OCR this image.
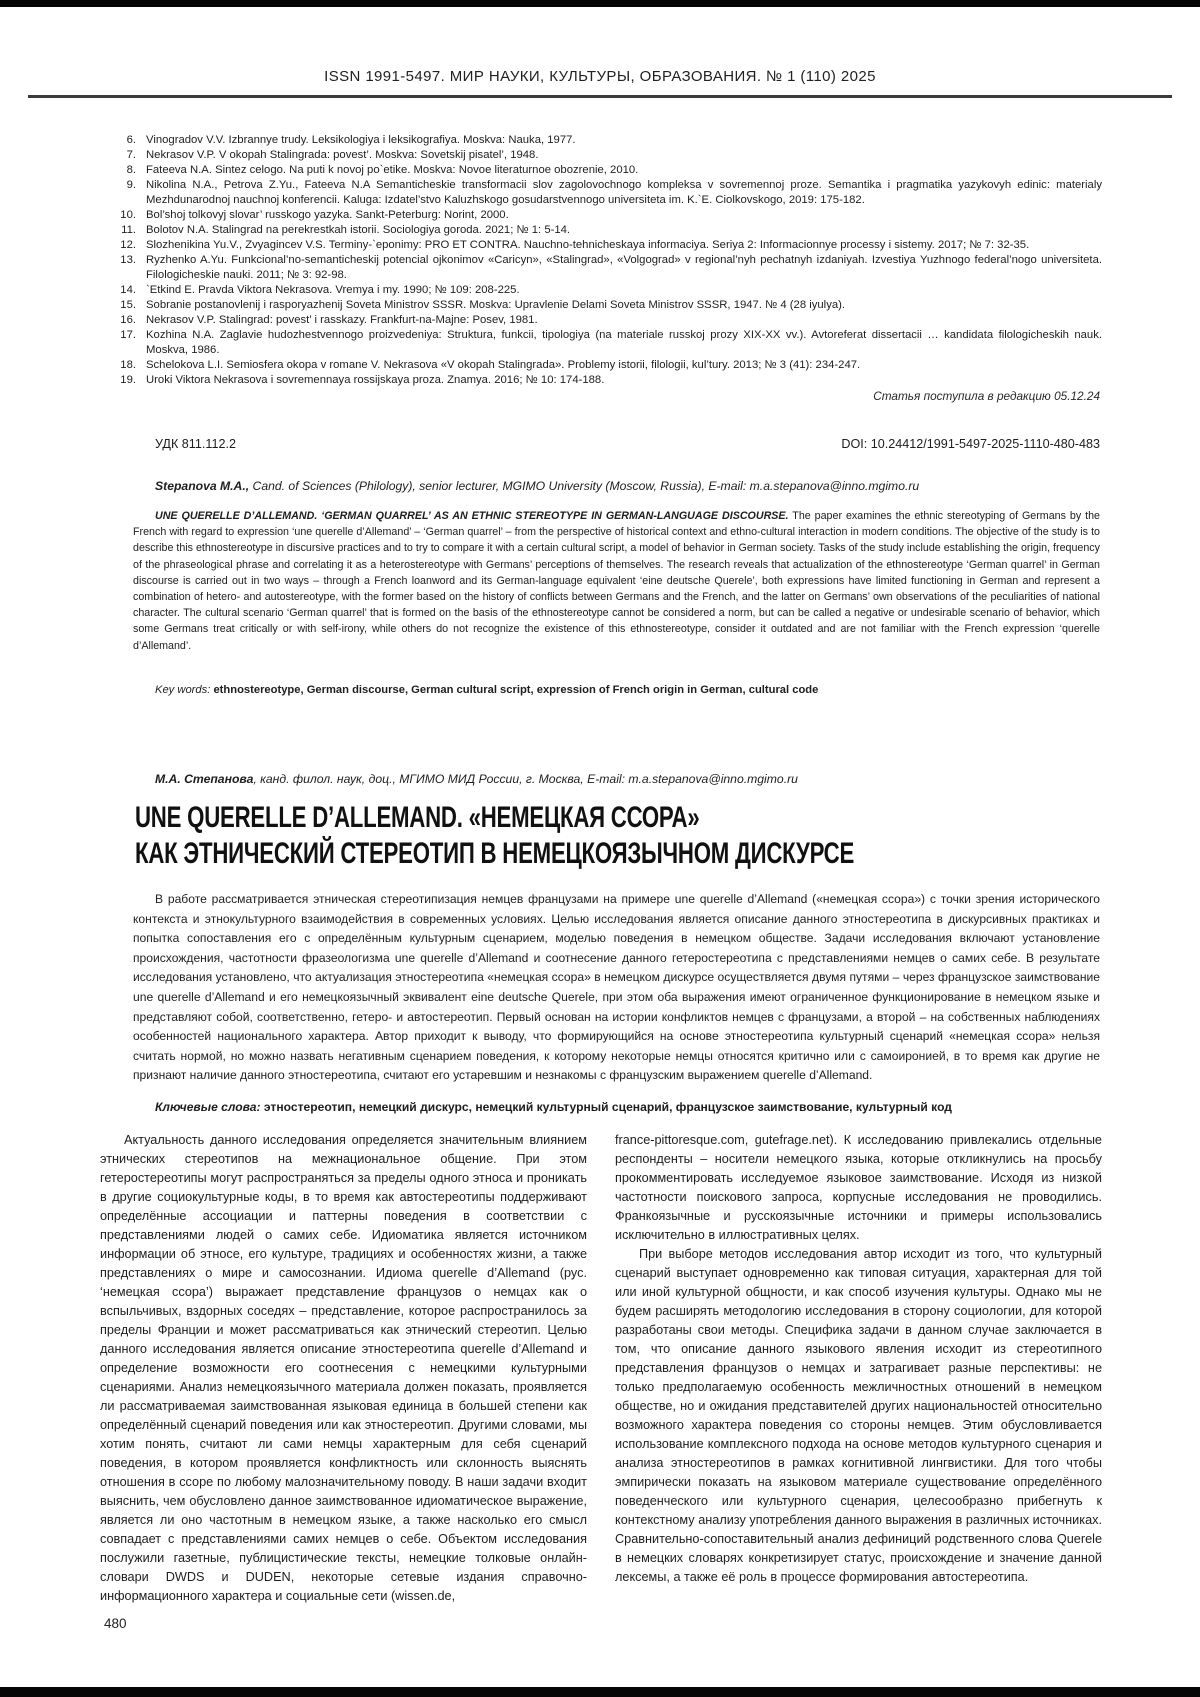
ISSN 1991-5497. МИР НАУКИ, КУЛЬТУРЫ, ОБРАЗОВАНИЯ. № 1 (110) 2025
6. Vinogradov V.V. Izbrannye trudy. Leksikologiya i leksikografiya. Moskva: Nauka, 1977.
7. Nekrasov V.P. V okopah Stalingrada: povest’. Moskva: Sovetskij pisatel’, 1948.
8. Fateeva N.A. Sintez celogo. Na puti k novoj po`etike. Moskva: Novoe literaturnoe obozrenie, 2010.
9. Nikolina N.A., Petrova Z.Yu., Fateeva N.A Semanticheskie transformacii slov zagolovochnogo kompleksa v sovremennoj proze. Semantika i pragmatika yazykovyh edinic: materialy Mezhdunarodnoj nauchnoj konferencii. Kaluga: Izdatel’stvo Kaluzhskogo gosudarstvennogo universiteta im. K.`E. Ciolkovskogo, 2019: 175-182.
10. Bol’shoj tolkovyj slovar’ russkogo yazyka. Sankt-Peterburg: Norint, 2000.
11. Bolotov N.A. Stalingrad na perekrestkah istorii. Sociologiya goroda. 2021; № 1: 5-14.
12. Slozhenikina Yu.V., Zvyagincev V.S. Terminy-`eponimy: PRO ET CONTRA. Nauchno-tehnicheskaya informaciya. Seriya 2: Informacionnye processy i sistemy. 2017; № 7: 32-35.
13. Ryzhenko A.Yu. Funkcional’no-semanticheskij potencial ojkonimov «Caricyn», «Stalingrad», «Volgograd» v regional’nyh pechatnyh izdaniyah. Izvestiya Yuzhnogo federal’nogo universiteta. Filologicheskie nauki. 2011; № 3: 92-98.
14. `Etkind E. Pravda Viktora Nekrasova. Vremya i my. 1990; № 109: 208-225.
15. Sobranie postanovlenij i rasporyazhenij Soveta Ministrov SSSR. Moskva: Upravlenie Delami Soveta Ministrov SSSR, 1947. № 4 (28 iyulya).
16. Nekrasov V.P. Stalingrad: povest’ i rasskazy. Frankfurt-na-Majne: Posev, 1981.
17. Kozhina N.A. Zaglavie hudozhestvennogo proizvedeniya: Struktura, funkcii, tipologiya (na materiale russkoj prozy XIX-XX vv.). Avtoreferat dissertacii … kandidata filologicheskih nauk. Moskva, 1986.
18. Schelokova L.I. Semiosfera okopa v romane V. Nekrasova «V okopah Stalingrada». Problemy istorii, filologii, kul’tury. 2013; № 3 (41): 234-247.
19. Uroki Viktora Nekrasova i sovremennaya rossijskaya proza. Znamya. 2016; № 10: 174-188.
Статья поступила в редакцию 05.12.24
УДК 811.112.2	DOI: 10.24412/1991-5497-2025-1110-480-483
Stepanova M.A., Cand. of Sciences (Philology), senior lecturer, MGIMO University (Moscow, Russia), E-mail: m.a.stepanova@inno.mgimo.ru
UNE QUERELLE D’ALLEMAND. ‘GERMAN QUARREL’ AS AN ETHNIC STEREOTYPE IN GERMAN-LANGUAGE DISCOURSE. The paper examines the ethnic stereotyping of Germans by the French with regard to expression ‘une querelle d’Allemand’ – ‘German quarrel’ – from the perspective of historical context and ethno-cultural interaction in modern conditions. The objective of the study is to describe this ethnostereotype in discursive practices and to try to compare it with a certain cultural script, a model of behavior in German society. Tasks of the study include establishing the origin, frequency of the phraseological phrase and correlating it as a heterostereotype with Germans’ perceptions of themselves. The research reveals that actualization of the ethnostereotype ‘German quarrel’ in German discourse is carried out in two ways – through a French loanword and its German-language equivalent ‘eine deutsche Querele’, both expressions have limited functioning in German and represent a combination of hetero- and autostereotype, with the former based on the history of conflicts between Germans and the French, and the latter on Germans’ own observations of the peculiarities of national character. The cultural scenario ‘German quarrel’ that is formed on the basis of the ethnostereotype cannot be considered a norm, but can be called a negative or undesirable scenario of behavior, which some Germans treat critically or with self-irony, while others do not recognize the existence of this ethnostereotype, consider it outdated and are not familiar with the French expression ‘querelle d’Allemand’.
Key words: ethnostereotype, German discourse, German cultural script, expression of French origin in German, cultural code
М.А. Степанова, канд. филол. наук, доц., МГИМО МИД России, г. Москва, E-mail: m.a.stepanova@inno.mgimo.ru
UNE QUERELLE D’ALLEMAND. «НЕМЕЦКАЯ ССОРА»
КАК ЭТНИЧЕСКИЙ СТЕРЕОТИП В НЕМЕЦКОЯЗЫЧНОМ ДИСКУРСЕ
В работе рассматривается этническая стереотипизация немцев французами на примере une querelle d’Allemand («немецкая ссора») с точки зрения исторического контекста и этнокультурного взаимодействия в современных условиях. Целью исследования является описание данного этностереотипа в дискурсивных практиках и попытка сопоставления его с определённым культурным сценарием, моделью поведения в немецком обществе. Задачи исследования включают установление происхождения, частотности фразеологизма une querelle d’Allemand и соотнесение данного гетеростереотипа с представлениями немцев о самих себе. В результате исследования установлено, что актуализация этностереотипа «немецкая ссора» в немецком дискурсе осуществляется двумя путями – через французское заимствование une querelle d’Allemand и его немецкоязычный эквивалент eine deutsche Querele, при этом оба выражения имеют ограниченное функционирование в немецком языке и представляют собой, соответственно, гетеро- и автостереотип. Первый основан на истории конфликтов немцев с французами, а второй – на собственных наблюдениях особенностей национального характера. Автор приходит к выводу, что формирующийся на основе этностереотипа культурный сценарий «немецкая ссора» нельзя считать нормой, но можно назвать негативным сценарием поведения, к которому некоторые немцы относятся критично или с самоиронией, в то время как другие не признают наличие данного этностереотипа, считают его устаревшим и незнакомы с французским выражением querelle d’Allemand.
Ключевые слова: этностереотип, немецкий дискурс, немецкий культурный сценарий, французское заимствование, культурный код

Актуальность данного исследования определяется значительным влиянием этнических стереотипов на межнациональное общение. При этом гетеростереотипы могут распространяться за пределы одного этноса и проникать в другие социокультурные коды, в то время как автостереотипы поддерживают определённые ассоциации и паттерны поведения в соответствии с представлениями людей о самих себе. Идиоматика является источником информации об этносе, его культуре, традициях и особенностях жизни, а также представлениях о мире и самосознании. Идиома querelle d’Allemand (рус. ‘немецкая ссора’) выражает представление французов о немцах как о вспыльчивых, вздорных соседях – представление, которое распространилось за пределы Франции и может рассматриваться как этнический стереотип. Целью данного исследования является описание этностереотипа querelle d’Allemand и определение возможности его соотнесения с немецкими культурными сценариями. Анализ немецкоязычного материала должен показать, проявляется ли рассматриваемая заимствованная языковая единица в большей степени как определённый сценарий поведения или как этностереотип. Другими словами, мы хотим понять, считают ли сами немцы характерным для себя сценарий поведения, в котором проявляется конфликтность или склонность выяснять отношения в ссоре по любому малозначительному поводу. В наши задачи входит выяснить, чем обусловлено данное заимствованное идиоматическое выражение, является ли оно частотным в немецком языке, а также насколько его смысл совпадает с представлениями самих немцев о себе. Объектом исследования послужили газетные, публицистические тексты, немецкие толковые онлайн-словари DWDS и DUDEN, некоторые сетевые издания справочно-информационного характера и социальные сети (wissen.de,

france-pittoresque.com, gutefrage.net). К исследованию привлекались отдельные респонденты – носители немецкого языка, которые откликнулись на просьбу прокомментировать исследуемое языковое заимствование. Исходя из низкой частотности поискового запроса, корпусные исследования не проводились. Франкоязычные и русскоязычные источники и примеры использовались исключительно в иллюстративных целях.

При выборе методов исследования автор исходит из того, что культурный сценарий выступает одновременно как типовая ситуация, характерная для той или иной культурной общности, и как способ изучения культуры. Однако мы не будем расширять методологию исследования в сторону социологии, для которой разработаны свои методы. Специфика задачи в данном случае заключается в том, что описание данного языкового явления исходит из стереотипного представления французов о немцах и затрагивает разные перспективы: не только предполагаемую особенность межличностных отношений в немецком обществе, но и ожидания представителей других национальностей относительно возможного характера поведения со стороны немцев. Этим обусловливается использование комплексного подхода на основе методов культурного сценария и анализа этностереотипов в рамках когнитивной лингвистики. Для того чтобы эмпирически показать на языковом материале существование определённого поведенческого или культурного сценария, целесообразно прибегнуть к контекстному анализу употребления данного выражения в различных источниках. Сравнительно-сопоставительный анализ дефиниций родственного слова Querele в немецких словарях конкретизирует статус, происхождение и значение данной лексемы, а также её роль в процессе формирования автостереотипа.

480
